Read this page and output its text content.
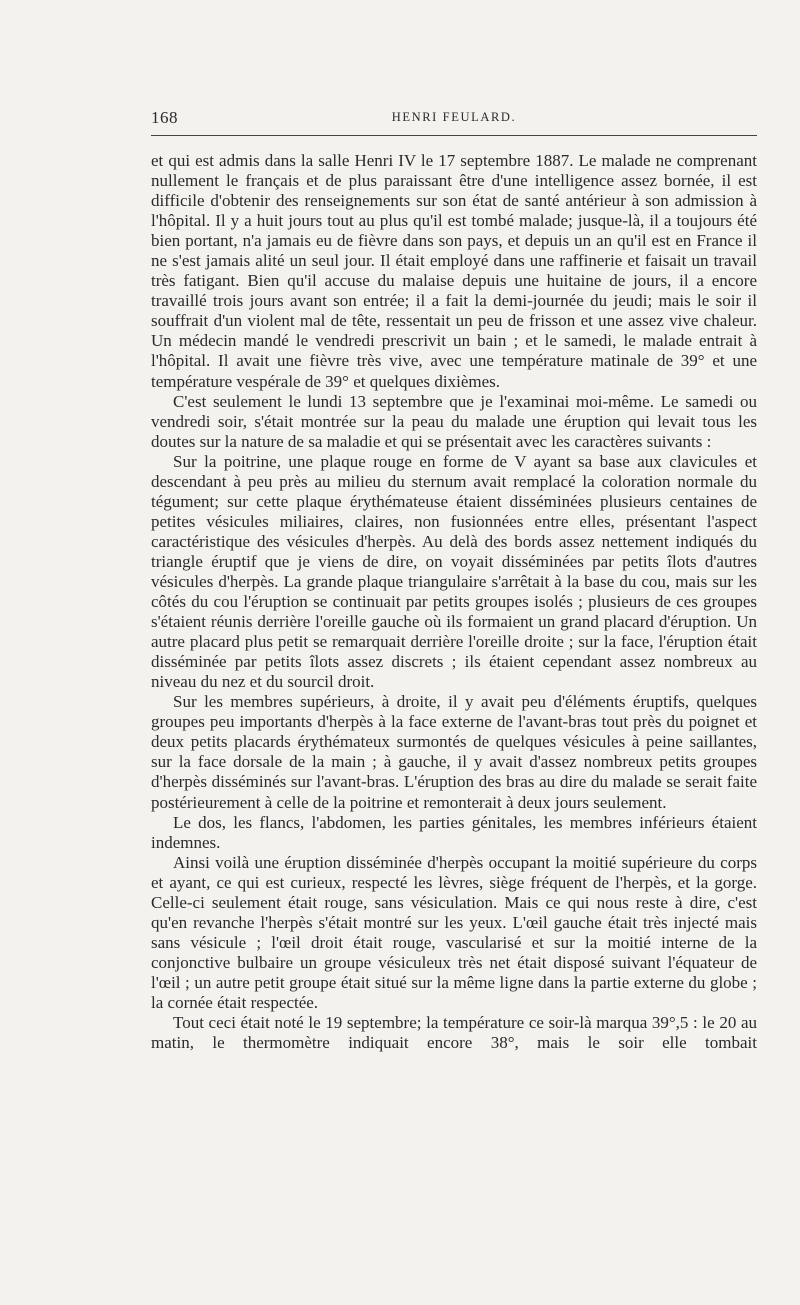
168	HENRI FEULARD.

et qui est admis dans la salle Henri IV le 17 septembre 1887. Le malade ne comprenant nullement le français et de plus paraissant être d'une intelligence assez bornée, il est difficile d'obtenir des renseignements sur son état de santé antérieur à son admission à l'hôpital. Il y a huit jours tout au plus qu'il est tombé malade; jusque-là, il a toujours été bien portant, n'a jamais eu de fièvre dans son pays, et depuis un an qu'il est en France il ne s'est jamais alité un seul jour. Il était employé dans une raffinerie et faisait un travail très fatigant. Bien qu'il accuse du malaise depuis une huitaine de jours, il a encore travaillé trois jours avant son entrée; il a fait la demi-journée du jeudi; mais le soir il souffrait d'un violent mal de tête, ressentait un peu de frisson et une assez vive chaleur. Un médecin mandé le vendredi prescrivit un bain ; et le samedi, le malade entrait à l'hôpital. Il avait une fièvre très vive, avec une température matinale de 39° et une température vespérale de 39° et quelques dixièmes.

C'est seulement le lundi 13 septembre que je l'examinai moi-même. Le samedi ou vendredi soir, s'était montrée sur la peau du malade une éruption qui levait tous les doutes sur la nature de sa maladie et qui se présentait avec les caractères suivants :

Sur la poitrine, une plaque rouge en forme de V ayant sa base aux clavicules et descendant à peu près au milieu du sternum avait remplacé la coloration normale du tégument; sur cette plaque érythémateuse étaient disséminées plusieurs centaines de petites vésicules miliaires, claires, non fusionnées entre elles, présentant l'aspect caractéristique des vésicules d'herpès. Au delà des bords assez nettement indiqués du triangle éruptif que je viens de dire, on voyait disséminées par petits îlots d'autres vésicules d'herpès. La grande plaque triangulaire s'arrêtait à la base du cou, mais sur les côtés du cou l'éruption se continuait par petits groupes isolés ; plusieurs de ces groupes s'étaient réunis derrière l'oreille gauche où ils formaient un grand placard d'éruption. Un autre placard plus petit se remarquait derrière l'oreille droite ; sur la face, l'éruption était disséminée par petits îlots assez discrets ; ils étaient cependant assez nombreux au niveau du nez et du sourcil droit.

Sur les membres supérieurs, à droite, il y avait peu d'éléments éruptifs, quelques groupes peu importants d'herpès à la face externe de l'avant-bras tout près du poignet et deux petits placards érythémateux surmontés de quelques vésicules à peine saillantes, sur la face dorsale de la main ; à gauche, il y avait d'assez nombreux petits groupes d'herpès disséminés sur l'avant-bras. L'éruption des bras au dire du malade se serait faite postérieurement à celle de la poitrine et remonterait à deux jours seulement.

Le dos, les flancs, l'abdomen, les parties génitales, les membres inférieurs étaient indemnes.

Ainsi voilà une éruption disséminée d'herpès occupant la moitié supérieure du corps et ayant, ce qui est curieux, respecté les lèvres, siège fréquent de l'herpès, et la gorge. Celle-ci seulement était rouge, sans vésiculation. Mais ce qui nous reste à dire, c'est qu'en revanche l'herpès s'était montré sur les yeux. L'œil gauche était très injecté mais sans vésicule ; l'œil droit était rouge, vascularisé et sur la moitié interne de la conjonctive bulbaire un groupe vésiculeux très net était disposé suivant l'équateur de l'œil ; un autre petit groupe était situé sur la même ligne dans la partie externe du globe ; la cornée était respectée.

Tout ceci était noté le 19 septembre; la température ce soir-là marqua 39°,5 : le 20 au matin, le thermomètre indiquait encore 38°, mais le soir elle tombait
